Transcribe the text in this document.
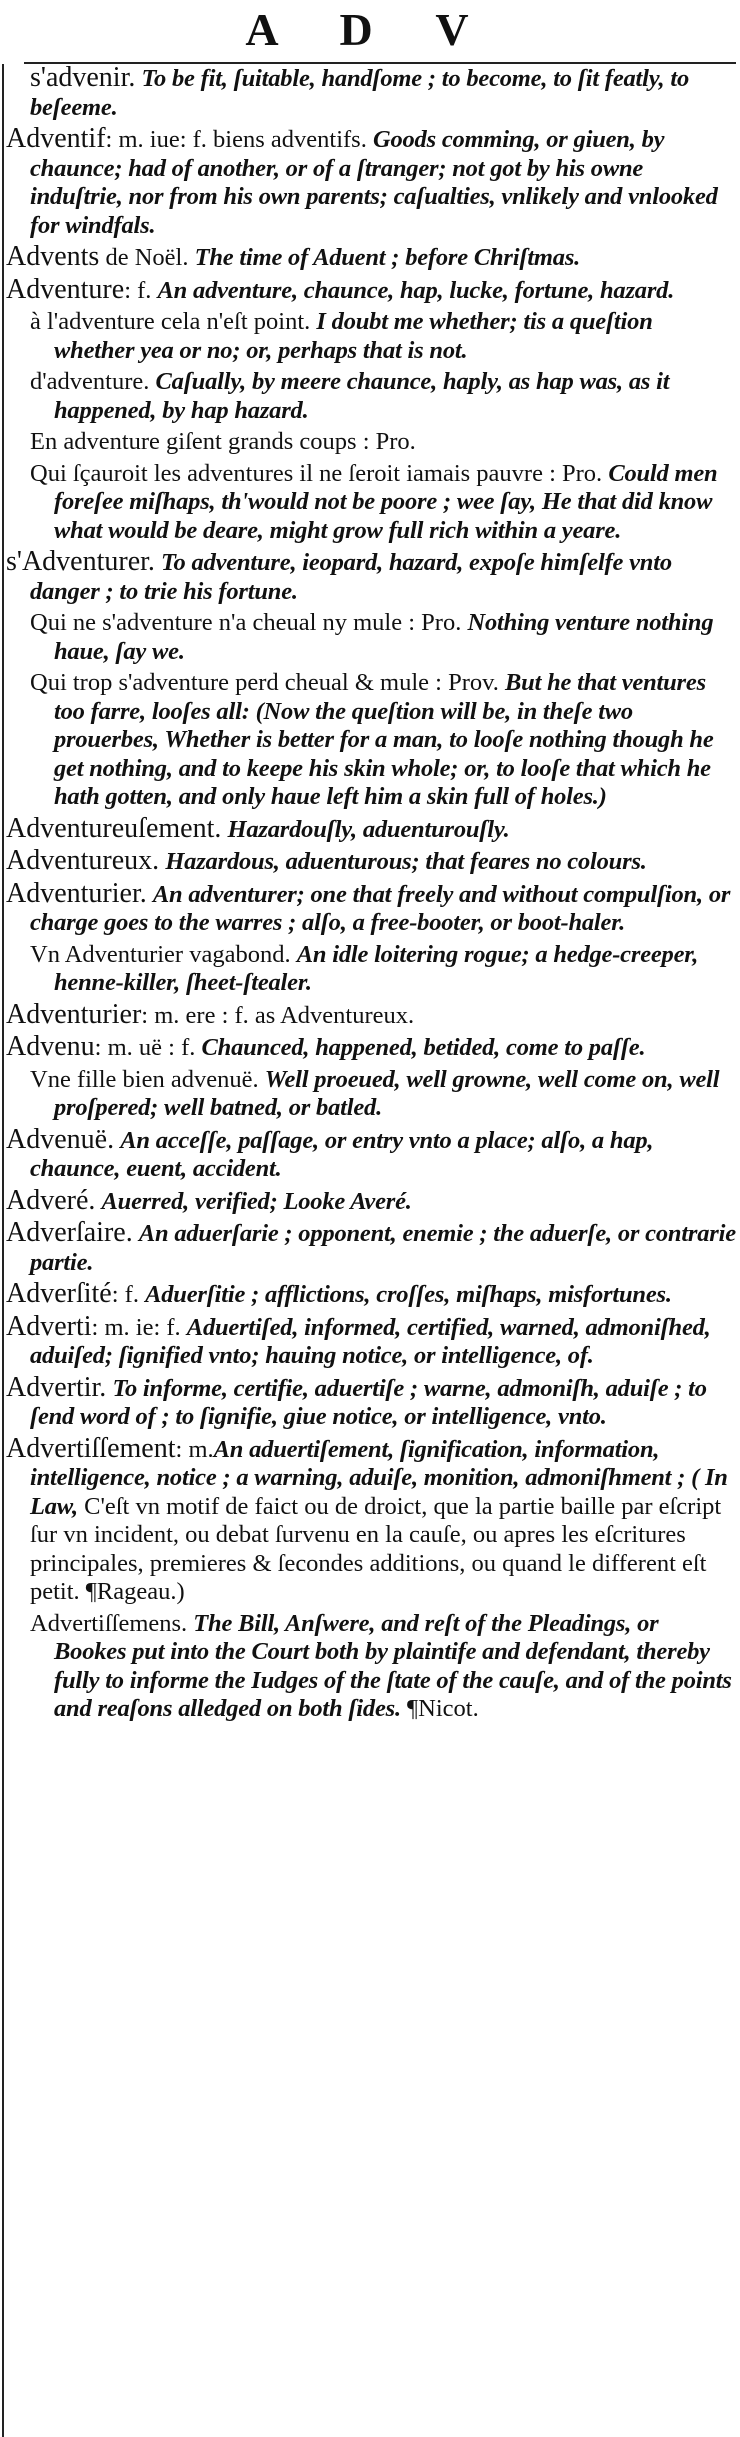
A D V

s'advenir. To be fit, ſuitable, handſome ; to become, to ſit featly, to beſeeme.

Adventif: m. iue: f. biens adventifs. Goods comming, or giuen, by chaunce; had of another, or of a ſtranger; not got by his owne induſtrie, nor from his own parents; caſualties, vnlikely and vnlooked for windfals.

Advents de Noël. The time of Aduent ; before Chriſtmas.

Adventure: f. An adventure, chaunce, hap, lucke, fortune, hazard.

à l'adventure cela n'eſt point. I doubt me whether; tis a queſtion whether yea or no; or, perhaps that is not.

d'adventure. Caſually, by meere chaunce, haply, as hap was, as it happened, by hap hazard.

En adventure giſent grands coups : Pro.

Qui ſçauroit les adventures il ne ſeroit iamais pauvre : Pro. Could men foreſee miſhaps, th'would not be poore ; wee ſay, He that did know what would be deare, might grow full rich within a yeare.

s'Adventurer. To adventure, ieopard, hazard, expoſe himſelfe vnto danger ; to trie his fortune.

Qui ne s'adventure n'a cheual ny mule : Pro. Nothing venture nothing haue, ſay we.

Qui trop s'adventure perd cheual & mule : Prov. But he that ventures too farre, looſes all: (Now the queſtion will be, in theſe two prouerbes, Whether is better for a man, to looſe nothing though he get nothing, and to keepe his skin whole; or, to looſe that which he hath gotten, and only haue left him a skin full of holes.)

Adventureuſement. Hazardouſly, aduenturouſly.

Adventureux. Hazardous, aduenturous; that feares no colours.

Adventurier. An adventurer; one that freely and without compulſion, or charge goes to the warres ; alſo, a free-booter, or boot-haler.

Vn Adventurier vagabond. An idle loitering rogue; a hedge-creeper, henne-killer, ſheet-ſtealer.

Adventurier: m. ere : f. as Adventureux.

Advenu: m. uë : f. Chaunced, happened, betided, come to paſſe.

Vne fille bien advenuë. Well proeued, well growne, well come on, well proſpered; well batned, or batled.

Advenuë. An acceſſe, paſſage, or entry vnto a place; alſo, a hap, chaunce, euent, accident.

Adveré. Auerred, verified; Looke Averé.

Adverſaire. An aduerſarie ; opponent, enemie ; the aduerſe, or contrarie partie.

Adverſité: f. Aduerſitie ; afflictions, croſſes, miſhaps, misfortunes.

Adverti: m. ie: f. Aduertiſed, informed, certified, warned, admoniſhed, aduiſed; ſignified vnto; hauing notice, or intelligence, of.

Advertir. To informe, certifie, aduertiſe ; warne, admoniſh, aduiſe ; to ſend word of ; to ſignifie, giue notice, or intelligence, vnto.

Advertiſſement: m.An aduertiſement, ſignification, information, intelligence, notice ; a warning, aduiſe, monition, admoniſhment ; ( In Law, C'eſt vn motif de faict ou de droict, que la partie baille par eſcript ſur vn incident, ou debat ſurvenu en la cauſe, ou apres les eſcritures principales, premieres & ſecondes additions, ou quand le different eſt petit. ¶Rageau.)

Advertiſſemens. The Bill, Anſwere, and reſt of the Pleadings, or Bookes put into the Court both by plaintife and defendant, thereby fully to informe the Iudges of the ſtate of the cauſe, and of the points and reaſons alledged on both ſides. ¶Nicot.
